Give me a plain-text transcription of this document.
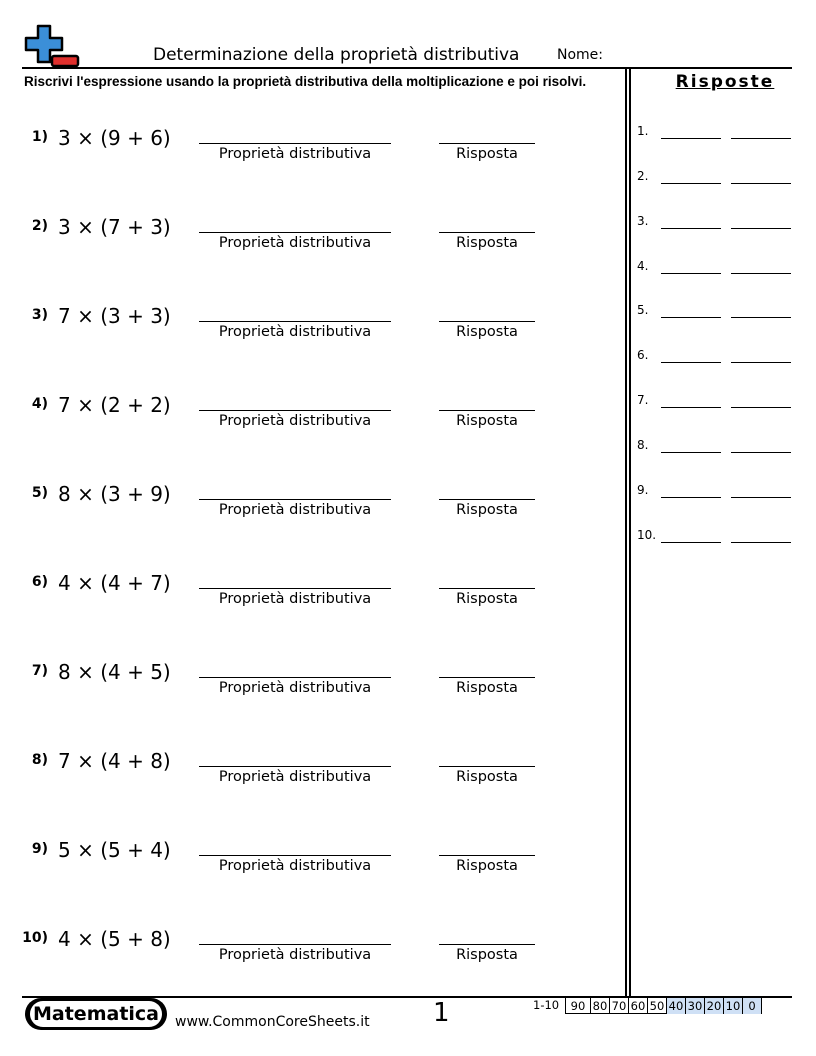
Determinazione della proprietà distributiva	Nome:
Riscrivi l'espressione usando la proprietà distributiva della moltiplicazione e poi risolvi.
1) 3 × (9 + 6)
Proprietà distributiva	Risposta
2) 3 × (7 + 3)
Proprietà distributiva	Risposta
3) 7 × (3 + 3)
Proprietà distributiva	Risposta
4) 7 × (2 + 2)
Proprietà distributiva	Risposta
5) 8 × (3 + 9)
Proprietà distributiva	Risposta
6) 4 × (4 + 7)
Proprietà distributiva	Risposta
7) 8 × (4 + 5)
Proprietà distributiva	Risposta
8) 7 × (4 + 8)
Proprietà distributiva	Risposta
9) 5 × (5 + 4)
Proprietà distributiva	Risposta
10) 4 × (5 + 8)
Proprietà distributiva	Risposta
Risposte
1.
2.
3.
4.
5.
6.
7.
8.
9.
10.
Matematica www.CommonCoreSheets.it 1	1-10	90 80 70 60 50 40 30 20 10 0
